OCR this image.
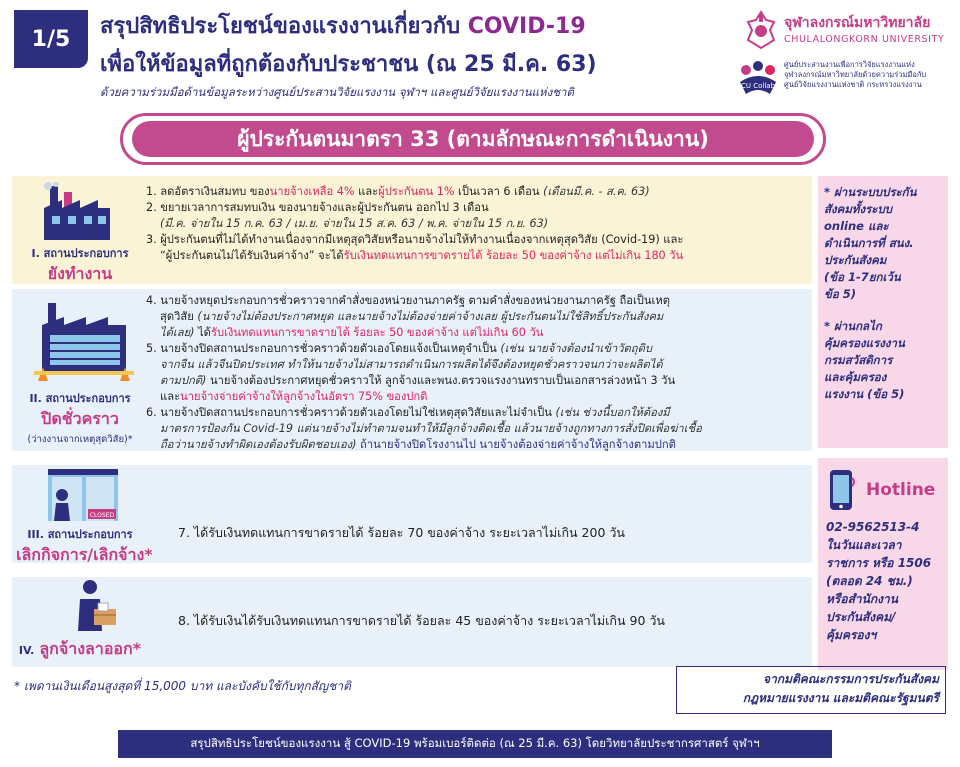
1/5	สรุปสิทธิประโยชน์ของแรงงานเกี่ยวกับ COVID-19
เพื่อให้ข้อมูลที่ถูกต้องกับประชาชน (ณ 25 มี.ค. 63)
ด้วยความร่วมมือด้านข้อมูลระหว่างศูนย์ประสานวิจัยแรงงาน จุฬาฯ และศูนย์วิจัยแรงงานแห่งชาติ
จุฬาลงกรณ์มหาวิทยาลัย
CHULALONGKORN UNIVERSITY
CU Collab
ศูนย์ประสานงานเพื่อการวิจัยแรงงานแห่ง
จุฬาลงกรณ์มหาวิทยาลัยด้วยความร่วมมือกับ
ศูนย์วิจัยแรงงานแห่งชาติ กระทรวงแรงงาน
ผู้ประกันตนมาตรา 33 (ตามลักษณะการดำเนินงาน)
I. สถานประกอบการ
ยังทำงาน
1. ลดอัตราเงินสมทบ ของนายจ้างเหลือ 4% และผู้ประกันตน 1% เป็นเวลา 6 เดือน (เดือนมี.ค. - ส.ค. 63)
2. ขยายเวลาการสมทบเงิน ของนายจ้างและผู้ประกันตน ออกไป 3 เดือน
(มี.ค. จ่ายใน 15 ก.ค. 63 / เม.ย. จ่ายใน 15 ส.ค. 63 / พ.ค. จ่ายใน 15 ก.ย. 63)
3. ผู้ประกันตนที่ไม่ได้ทำงานเนื่องจากมีเหตุสุดวิสัยหรือนายจ้างไม่ให้ทำงานเนื่องจากเหตุสุดวิสัย (Covid-19) และ
“ผู้ประกันตนไม่ได้รับเงินค่าจ้าง” จะได้รับเงินทดแทนการขาดรายได้ ร้อยละ 50 ของค่าจ้าง แต่ไม่เกิน 180 วัน
II. สถานประกอบการ
ปิดชั่วคราว
(ว่างงานจากเหตุสุดวิสัย)*
4. นายจ้างหยุดประกอบการชั่วคราวจากคำสั่งของหน่วยงานภาครัฐ ตามคำสั่งของหน่วยงานภาครัฐ ถือเป็นเหตุ
สุดวิสัย (นายจ้างไม่ต้องประกาศหยุด และนายจ้างไม่ต้องจ่ายค่าจ้างเลย ผู้ประกันตนไม่ใช้สิทธิ์ประกันสังคม
ได้เลย) ได้รับเงินทดแทนการขาดรายได้ ร้อยละ 50 ของค่าจ้าง แต่ไม่เกิน 60 วัน
5. นายจ้างปิดสถานประกอบการชั่วคราวด้วยตัวเองโดยแจ้งเป็นเหตุจำเป็น (เช่น นายจ้างต้องนำเข้าวัตถุดิบ
จากจีน แล้วจีนปิดประเทศ ทำให้นายจ้างไม่สามารถดำเนินการผลิตได้จึงต้องหยุดชั่วคราวจนกว่าจะผลิตได้
ตามปกติ) นายจ้างต้องประกาศหยุดชั่วคราวให้ ลูกจ้างและพนง.ตรวจแรงงานทราบเป็นเอกสารล่วงหน้า 3 วัน
และนายจ้างจ่ายค่าจ้างให้ลูกจ้างในอัตรา 75% ของปกติ
6. นายจ้างปิดสถานประกอบการชั่วคราวด้วยตัวเองโดยไม่ใช่เหตุสุดวิสัยและไม่จำเป็น (เช่น ช่วงนี้บอกให้ต้องมี
มาตรการป้องกัน Covid-19 แต่นายจ้างไม่ทำตามจนทำให้มีลูกจ้างติดเชื้อ แล้วนายจ้างถูกทางการสั่งปิดเพื่อฆ่าเชื้อ
ถือว่านายจ้างทำผิดเองต้องรับผิดชอบเอง) ถ้านายจ้างปิดโรงงานไป นายจ้างต้องจ่ายค่าจ้างให้ลูกจ้างตามปกติ
CLOSED
III. สถานประกอบการ
เลิกกิจการ/เลิกจ้าง*
7. ได้รับเงินทดแทนการขาดรายได้ ร้อยละ 70 ของค่าจ้าง ระยะเวลาไม่เกิน 200 วัน
IV. ลูกจ้างลาออก*
8. ได้รับเงินได้รับเงินทดแทนการขาดรายได้ ร้อยละ 45 ของค่าจ้าง ระยะเวลาไม่เกิน 90 วัน
* ผ่านระบบประกัน
สังคมทั้งระบบ
online และ
ดำเนินการที่ สนง.
ประกันสังคม
(ข้อ 1-7ยกเว้น
ข้อ 5)
* ผ่านกลไก
คุ้มครองแรงงาน
กรมสวัสดิการ
และคุ้มครอง
แรงงาน (ข้อ 5)
Hotline
02-9562513-4
ในวันและเวลา
ราชการ หรือ 1506
(ตลอด 24 ชม.)
หรือสำนักงาน
ประกันสังคม/
คุ้มครองฯ
* เพดานเงินเดือนสูงสุดที่ 15,000 บาท และบังคับใช้กับทุกสัญชาติ	จากมติคณะกรรมการประกันสังคม
กฎหมายแรงงาน และมติคณะรัฐมนตรี
สรุปสิทธิประโยชน์ของแรงงาน สู้ COVID-19 พร้อมเบอร์ติดต่อ (ณ 25 มี.ค. 63) โดยวิทยาลัยประชากรศาสตร์ จุฬาฯ
